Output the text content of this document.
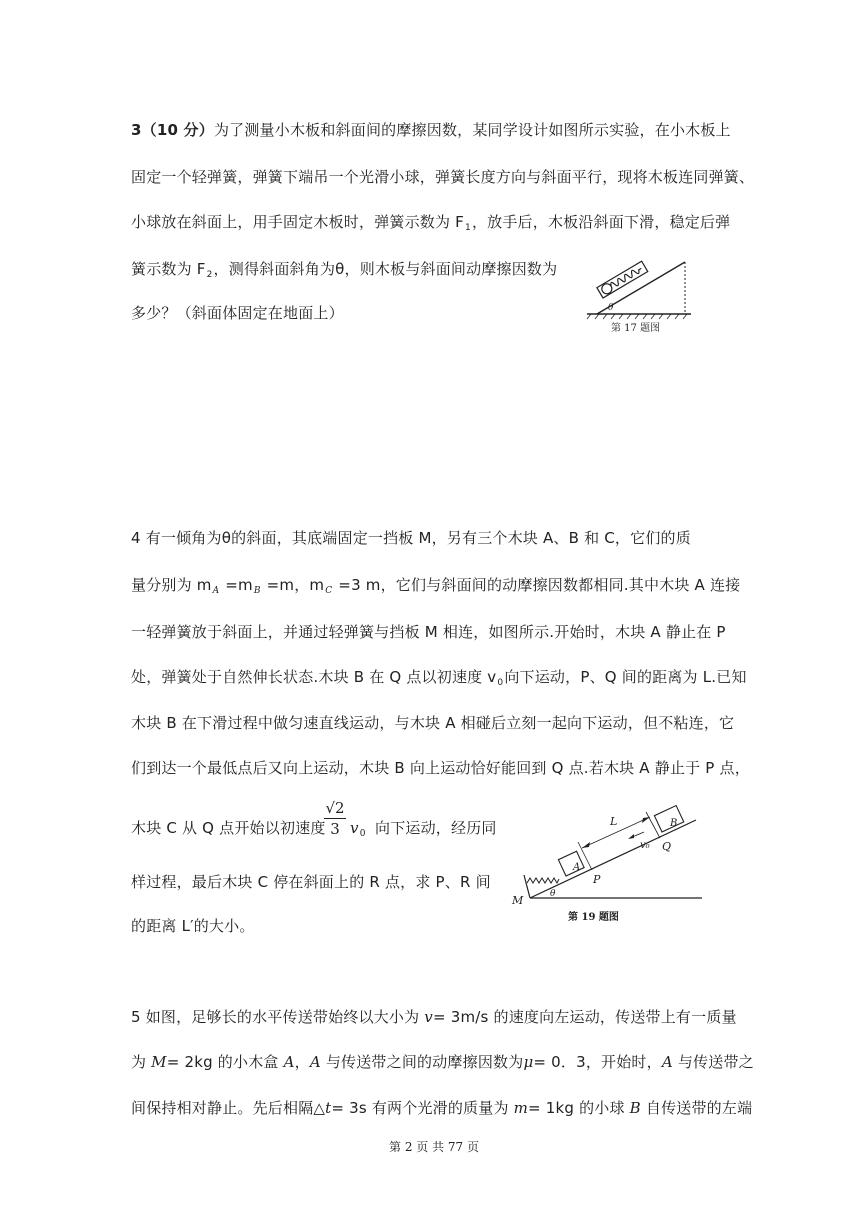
3（10 分）为了测量小木板和斜面间的摩擦因数，某同学设计如图所示实验，在小木板上
固定一个轻弹簧，弹簧下端吊一个光滑小球，弹簧长度方向与斜面平行，现将木板连同弹簧、
小球放在斜面上，用手固定木板时，弹簧示数为 $F_1$，放手后，木板沿斜面下滑，稳定后弹
簧示数为 $F_2$，测得斜面斜角为θ，则木板与斜面间动摩擦因数为
多少？（斜面体固定在地面上）	θ
第 17 题图
4 有一倾角为θ的斜面，其底端固定一挡板 M，另有三个木块 A、B 和 C，它们的质
量分别为 $m_A =m_B =m$，$m_C =3$ m，它们与斜面间的动摩擦因数都相同.其中木块 A 连接
一轻弹簧放于斜面上，并通过轻弹簧与挡板 M 相连，如图所示.开始时，木块 A 静止在 P
处，弹簧处于自然伸长状态.木块 B 在 Q 点以初速度 $v_0$向下运动，P、Q 间的距离为 L.已知
木块 B 在下滑过程中做匀速直线运动，与木块 A 相碰后立刻一起向下运动，但不粘连，它
们到达一个最低点后又向上运动，木块 B 向上运动恰好能回到 Q 点.若木块 A 静止于 P 点，
木块 C 从 Q 点开始以初速度
$\frac{√2}{3} v_0$ 向下运动，经历同
样过程，最后木块 C 停在斜面上的 R 点，求 P、R 间
的距离 L′的大小。
L
v₀
B
Q
A
P
M	θ
第 19 题图
5 如图，足够长的水平传送带始终以大小为 v= 3m/s 的速度向左运动，传送带上有一质量
为 M= 2kg 的小木盒 A，A 与传送带之间的动摩擦因数为μ= 0．3，开始时，A 与传送带之
间保持相对静止。先后相隔△t= 3s 有两个光滑的质量为 m= 1kg 的小球 B 自传送带的左端
第 2 页 共 77 页
